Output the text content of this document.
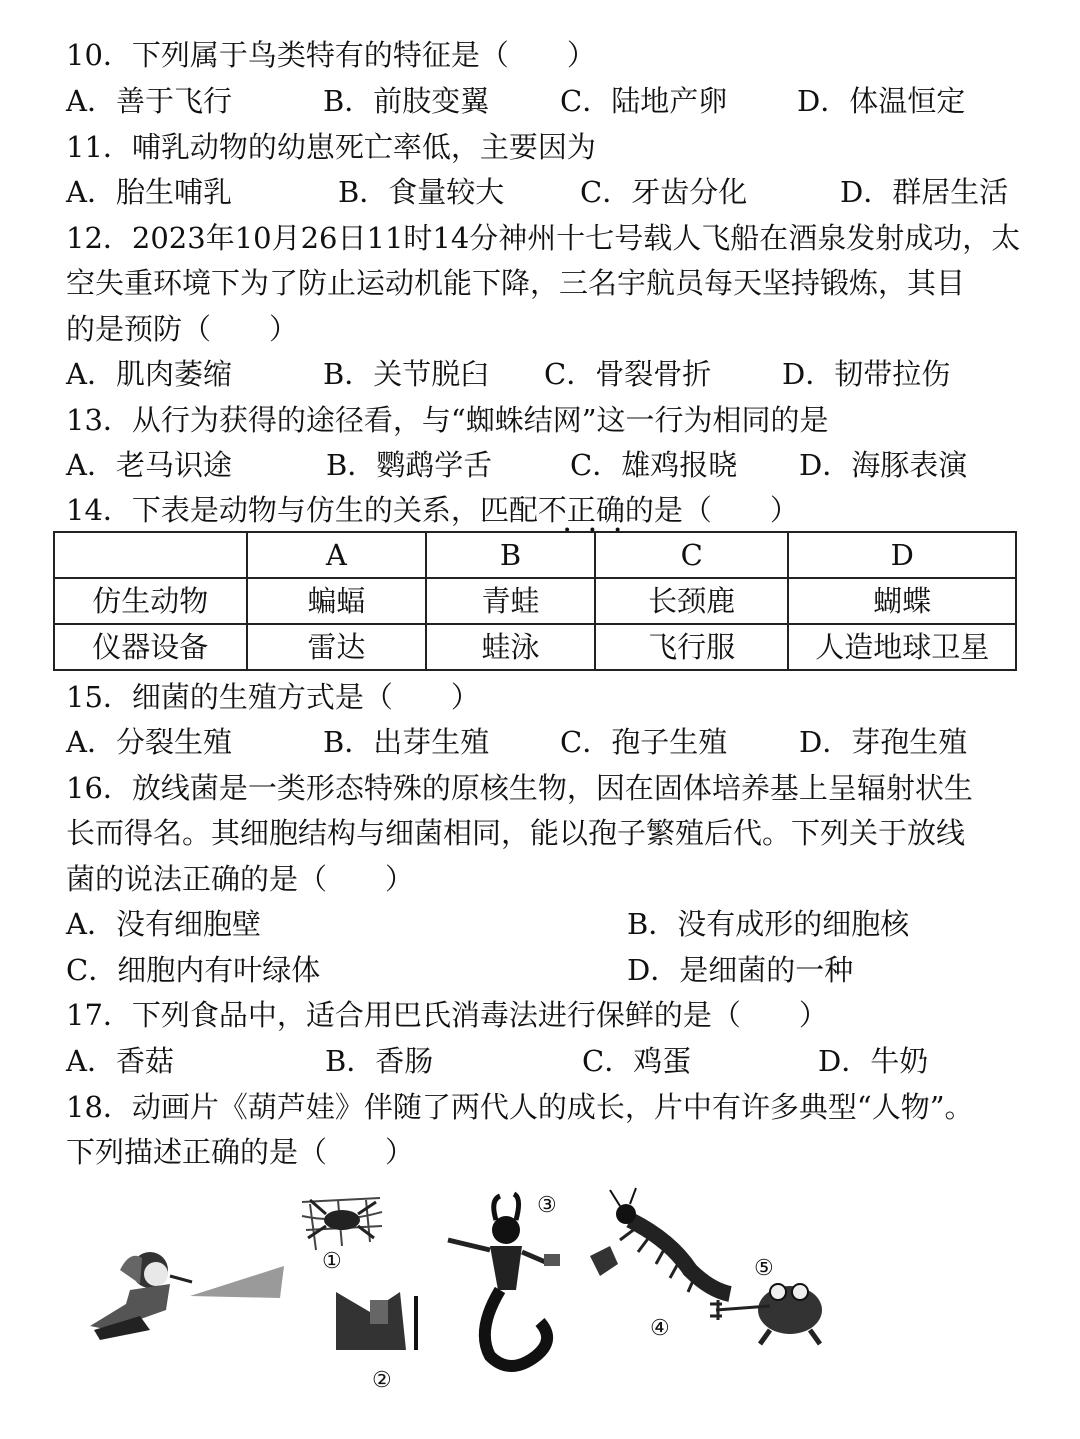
10．下列属于鸟类特有的特征是（　　）
A．善于飞行	B．前肢变翼 C．陆地产卵 D．体温恒定
11．哺乳动物的幼崽死亡率低，主要因为
A．胎生哺乳	B．食量较大	C．牙齿分化	D．群居生活
12．2023年10月26日11时14分神州十七号载人飞船在酒泉发射成功，太
空失重环境下为了防止运动机能下降，三名宇航员每天坚持锻炼，其目
的是预防（　　）
A．肌肉萎缩	B．关节脱臼 C．骨裂骨折 D．韧带拉伤
13．从行为获得的途径看，与“蜘蛛结网”这一行为相同的是
A．老马识途	B．鹦鹉学舌	C．雄鸡报晓 D．海豚表演
14．下表是动物与仿生的关系，匹配不正确的是（　　）
•••
	A	B	C	D
仿生动物	蝙蝠	青蛙	长颈鹿	蝴蝶
仪器设备	雷达	蛙泳	飞行服	人造地球卫星
15．细菌的生殖方式是（　　）
A．分裂生殖	B．出芽生殖 C．孢子生殖 D．芽孢生殖
16．放线菌是一类形态特殊的原核生物，因在固体培养基上呈辐射状生
长而得名。其细胞结构与细菌相同，能以孢子繁殖后代。下列关于放线
菌的说法正确的是（　　）
A．没有细胞壁	B．没有成形的细胞核
C．细胞内有叶绿体	D．是细菌的一种
17．下列食品中，适合用巴氏消毒法进行保鲜的是（　　）
A．香菇	B．香肠	C．鸡蛋	D．牛奶
18．动画片《葫芦娃》伴随了两代人的成长，片中有许多典型“人物”。
下列描述正确的是（　　）
①
②
③
④
⑤
